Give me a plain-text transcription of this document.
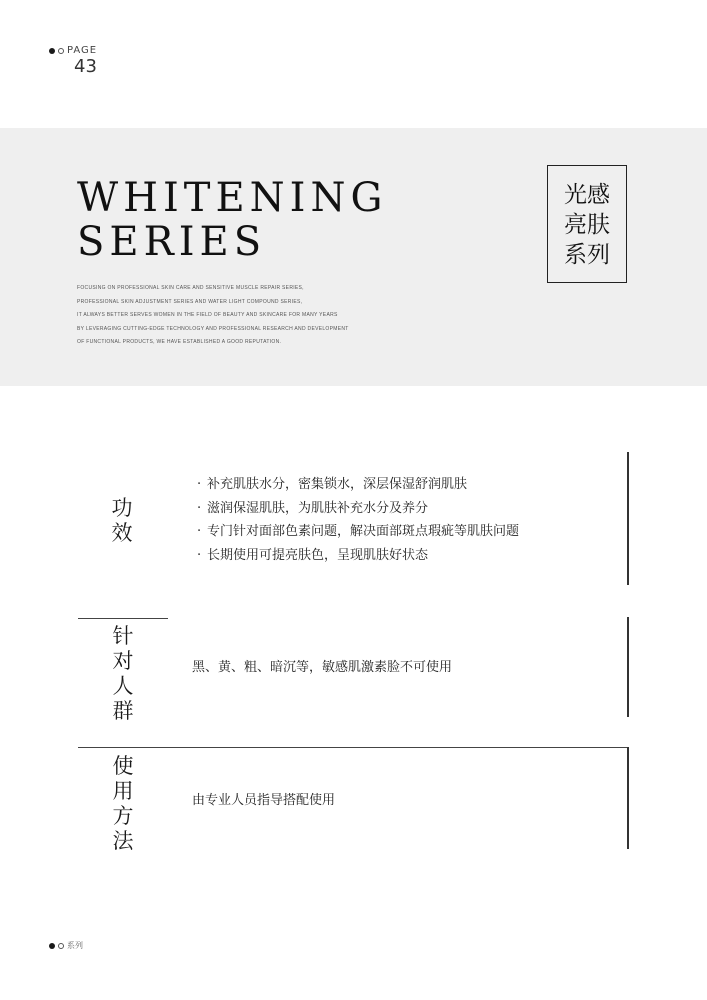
PAGE
43
WHITENING
SERIES
FOCUSING ON PROFESSIONAL SKIN CARE AND SENSITIVE MUSCLE REPAIR SERIES,
PROFESSIONAL SKIN ADJUSTMENT SERIES AND WATER LIGHT COMPOUND SERIES,
IT ALWAYS BETTER SERVES WOMEN IN THE FIELD OF BEAUTY AND SKINCARE FOR MANY YEARS
BY LEVERAGING CUTTING-EDGE TECHNOLOGY AND PROFESSIONAL RESEARCH AND DEVELOPMENT
OF FUNCTIONAL PRODUCTS, WE HAVE ESTABLISHED A GOOD REPUTATION.
光感
亮肤
系列
功效
· 补充肌肤水分，密集锁水，深层保湿舒润肌肤
· 滋润保湿肌肤，为肌肤补充水分及养分
· 专门针对面部色素问题，解决面部斑点瑕疵等肌肤问题
· 长期使用可提亮肤色，呈现肌肤好状态
针对人群
黑、黄、粗、暗沉等，敏感肌激素脸不可使用
使用方法
由专业人员指导搭配使用
系列
